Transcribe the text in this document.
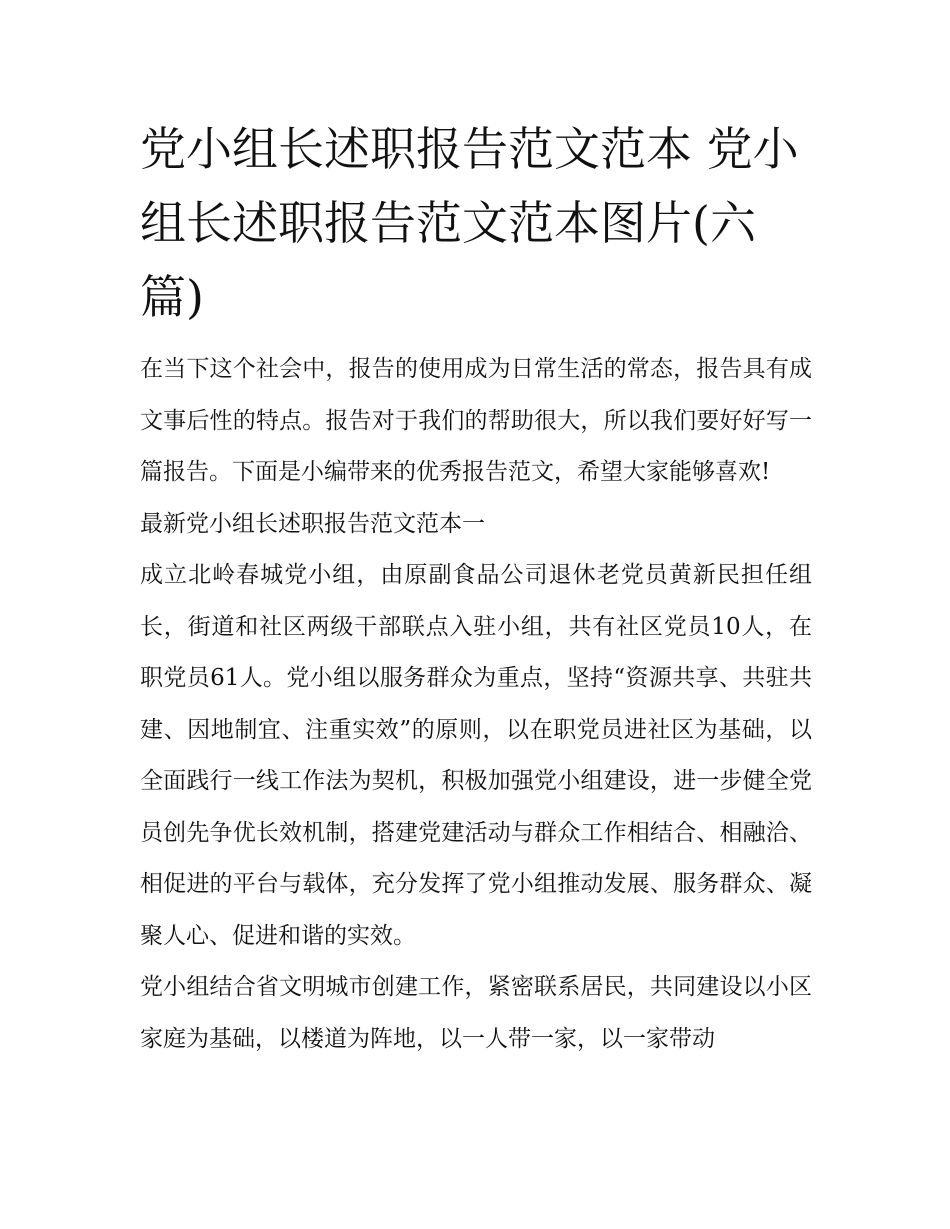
党小组长述职报告范文范本 党小组长述职报告范文范本图片(六篇)

在当下这个社会中，报告的使用成为日常生活的常态，报告具有成文事后性的特点。报告对于我们的帮助很大，所以我们要好好写一篇报告。下面是小编带来的优秀报告范文，希望大家能够喜欢!

最新党小组长述职报告范文范本一

成立北岭春城党小组，由原副食品公司退休老党员黄新民担任组长，街道和社区两级干部联点入驻小组，共有社区党员10人，在职党员61人。党小组以服务群众为重点，坚持“资源共享、共驻共建、因地制宜、注重实效”的原则，以在职党员进社区为基础，以全面践行一线工作法为契机，积极加强党小组建设，进一步健全党员创先争优长效机制，搭建党建活动与群众工作相结合、相融洽、相促进的平台与载体，充分发挥了党小组推动发展、服务群众、凝聚人心、促进和谐的实效。

党小组结合省文明城市创建工作，紧密联系居民，共同建设以小区家庭为基础，以楼道为阵地，以一人带一家，以一家带动
